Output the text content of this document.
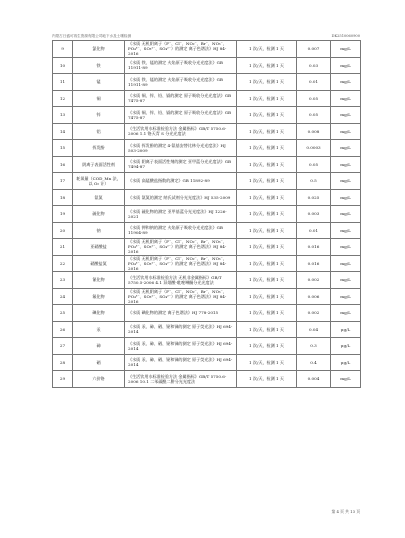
内蒙古日盛可再生资源有限公司地下水及土壤检测	DK2510060900
9	氯化物	《水质 无机阴离子（F⁻、Cl⁻、NO₂⁻、Br⁻、NO₃⁻、PO₄³⁻、SO₃²⁻、SO₄²⁻）的测定 离子色谱法》HJ 84-2016	1 次/天，检测 1 天	0.007	mg/L
10	铁	《水质 铁、锰的测定 火焰原子吸收分光光度法》GB 11911-89	1 次/天，检测 1 天	0.03	mg/L
11	锰	《水质 铁、锰的测定 火焰原子吸收分光光度法》GB 11911-89	1 次/天，检测 1 天	0.01	mg/L
12	铜	《水质 铜、锌、铅、镉的测定 原子吸收分光光度法》GB 7475-87	1 次/天，检测 1 天	0.05	mg/L
13	锌	《水质 铜、锌、铅、镉的测定 原子吸收分光光度法》GB 7475-87	1 次/天，检测 1 天	0.05	mg/L
14	铝	《生活饮用水标准检验方法 金属指标》GB/T 5750.6-2006 1.1 铬天青 S 分光光度法	1 次/天，检测 1 天	0.008	mg/L
15	挥发酚	《水质 挥发酚的测定 4-氨基安替比林分光光度法》HJ 503-2009	1 次/天，检测 1 天	0.0003	mg/L
16	阴离子表面活性剂	《水质 阴离子表面活性剂的测定 亚甲蓝分光光度法》GB 7494-87	1 次/天，检测 1 天	0.05	mg/L
17	耗氧量（COD_Mn 法，以 O₂ 计）	《水质 高锰酸盐指数的测定》GB 11892-89	1 次/天，检测 1 天	0.5	mg/L
18	氨氮	《水质 氨氮的测定 纳氏试剂分光光度法》HJ 535-2009	1 次/天，检测 1 天	0.025	mg/L
19	硫化物	《水质 硫化物的测定 亚甲基蓝分光光度法》HJ 1226-2021	1 次/天，检测 1 天	0.003	mg/L
20	钠	《水质 钾和钠的测定 火焰原子吸收分光光度法》GB 11904-89	1 次/天，检测 1 天	0.01	mg/L
21	亚硝酸盐	《水质 无机阴离子（F⁻、Cl⁻、NO₂⁻、Br⁻、NO₃⁻、PO₄³⁻、SO₃²⁻、SO₄²⁻）的测定 离子色谱法》HJ 84-2016	1 次/天，检测 1 天	0.016	mg/L
22	硝酸盐氮	《水质 无机阴离子（F⁻、Cl⁻、NO₂⁻、Br⁻、NO₃⁻、PO₄³⁻、SO₃²⁻、SO₄²⁻）的测定 离子色谱法》HJ 84-2016	1 次/天，检测 1 天	0.016	mg/L
23	氰化物	《生活饮用水标准检验方法 无机非金属指标》GB/T 5750.5-2006 4.1 异烟酸-吡唑啉酮分光光度法	1 次/天，检测 1 天	0.002	mg/L
24	氟化物	《水质 无机阴离子（F⁻、Cl⁻、NO₂⁻、Br⁻、NO₃⁻、PO₄³⁻、SO₃²⁻、SO₄²⁻）的测定 离子色谱法》HJ 84-2016	1 次/天，检测 1 天	0.006	mg/L
25	碘化物	《水质 碘化物的测定 离子色谱法》HJ 778-2015	1 次/天，检测 1 天	0.002	mg/L
26	汞	《水质 汞、砷、硒、铋和锑的测定 原子荧光法》HJ 694-2014	1 次/天，检测 1 天	0.04	μg/L
27	砷	《水质 汞、砷、硒、铋和锑的测定 原子荧光法》HJ 694-2014	1 次/天，检测 1 天	0.3	μg/L
28	硒	《水质 汞、砷、硒、铋和锑的测定 原子荧光法》HJ 694-2014	1 次/天，检测 1 天	0.4	μg/L
29	六价铬	《生活饮用水标准检验方法 金属指标》GB/T 5750.6-2006 10.1 二苯碳酰二肼分光光度法	1 次/天，检测 1 天	0.004	mg/L
第 4 页 共 13 页
